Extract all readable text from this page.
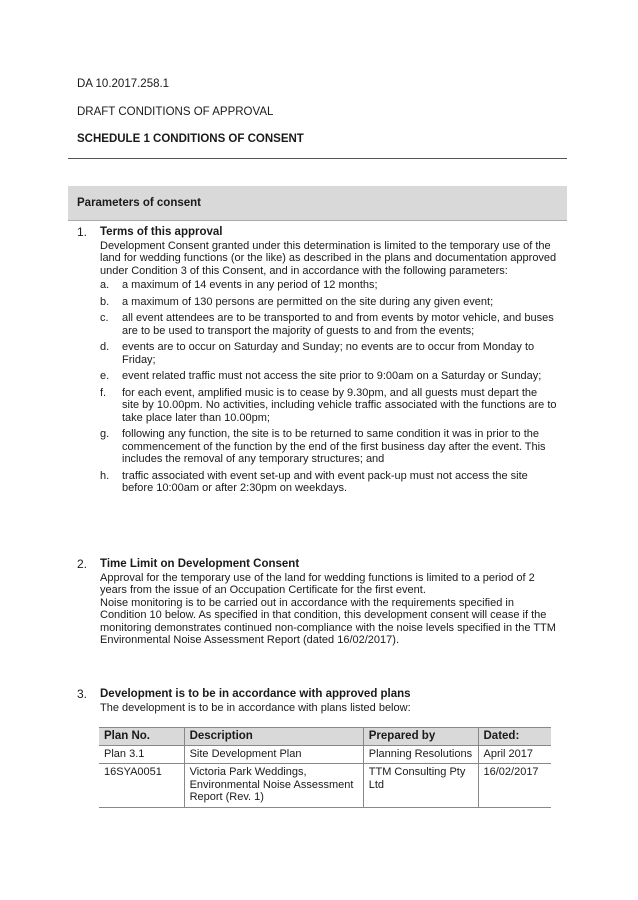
DA 10.2017.258.1
DRAFT CONDITIONS OF APPROVAL
SCHEDULE 1 CONDITIONS OF CONSENT
Parameters of consent
1. Terms of this approval

Development Consent granted under this determination is limited to the temporary use of the land for wedding functions (or the like) as described in the plans and documentation approved under Condition 3 of this Consent, and in accordance with the following parameters:

a. a maximum of 14 events in any period of 12 months;
b. a maximum of 130 persons are permitted on the site during any given event;
c. all event attendees are to be transported to and from events by motor vehicle, and buses are to be used to transport the majority of guests to and from the events;
d. events are to occur on Saturday and Sunday; no events are to occur from Monday to Friday;
e. event related traffic must not access the site prior to 9:00am on a Saturday or Sunday;
f. for each event, amplified music is to cease by 9.30pm, and all guests must depart the site by 10.00pm. No activities, including vehicle traffic associated with the functions are to take place later than 10.00pm;
g. following any function, the site is to be returned to same condition it was in prior to the commencement of the function by the end of the first business day after the event. This includes the removal of any temporary structures; and
h. traffic associated with event set-up and with event pack-up must not access the site before 10:00am or after 2:30pm on weekdays.
2. Time Limit on Development Consent

Approval for the temporary use of the land for wedding functions is limited to a period of 2 years from the issue of an Occupation Certificate for the first event.

Noise monitoring is to be carried out in accordance with the requirements specified in Condition 10 below. As specified in that condition, this development consent will cease if the monitoring demonstrates continued non-compliance with the noise levels specified in the TTM Environmental Noise Assessment Report (dated 16/02/2017).

3. Development is to be in accordance with approved plans

The development is to be in accordance with plans listed below:

Plan No.	Description	Prepared by	Dated:
Plan 3.1	Site Development Plan	Planning Resolutions	April 2017
16SYA0051	Victoria Park Weddings, Environmental Noise Assessment Report (Rev. 1)	TTM Consulting Pty Ltd	16/02/2017
